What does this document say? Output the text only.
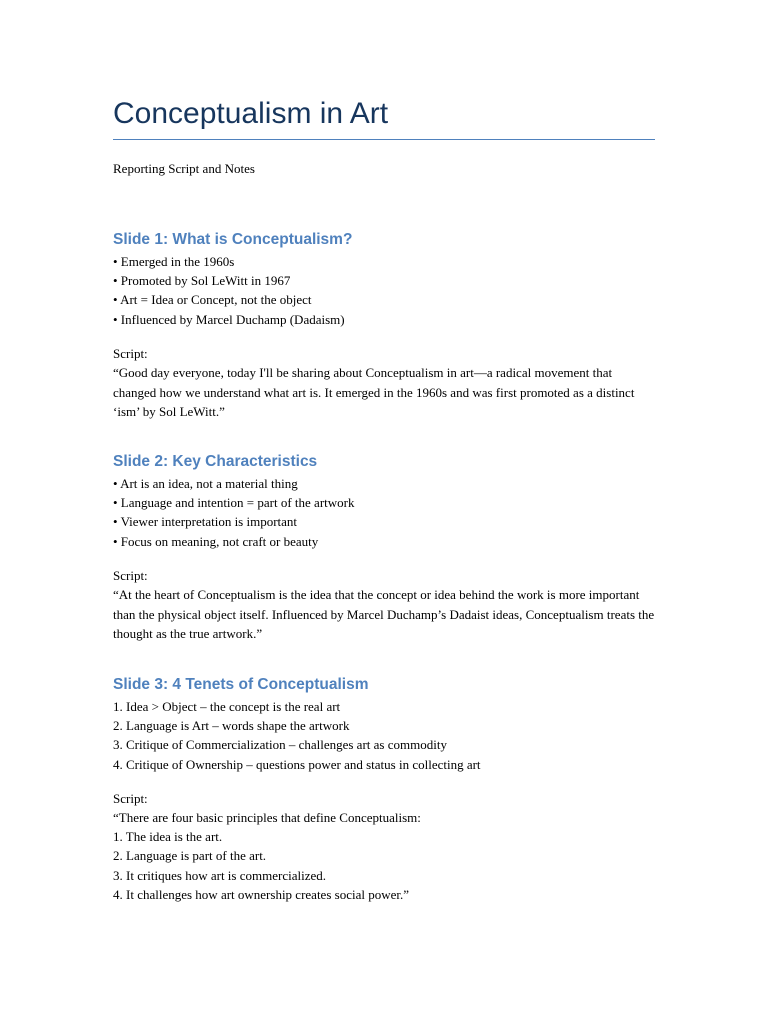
Conceptualism in Art
Reporting Script and Notes
Slide 1: What is Conceptualism?
• Emerged in the 1960s
• Promoted by Sol LeWitt in 1967
• Art = Idea or Concept, not the object
• Influenced by Marcel Duchamp (Dadaism)
Script:
“Good day everyone, today I'll be sharing about Conceptualism in art—a radical movement that changed how we understand what art is. It emerged in the 1960s and was first promoted as a distinct ‘ism’ by Sol LeWitt.”
Slide 2: Key Characteristics
• Art is an idea, not a material thing
• Language and intention = part of the artwork
• Viewer interpretation is important
• Focus on meaning, not craft or beauty
Script:
“At the heart of Conceptualism is the idea that the concept or idea behind the work is more important than the physical object itself. Influenced by Marcel Duchamp’s Dadaist ideas, Conceptualism treats the thought as the true artwork.”
Slide 3: 4 Tenets of Conceptualism
1. Idea > Object – the concept is the real art
2. Language is Art – words shape the artwork
3. Critique of Commercialization – challenges art as commodity
4. Critique of Ownership – questions power and status in collecting art
Script:
“There are four basic principles that define Conceptualism:
1. The idea is the art.
2. Language is part of the art.
3. It critiques how art is commercialized.
4. It challenges how art ownership creates social power.”
